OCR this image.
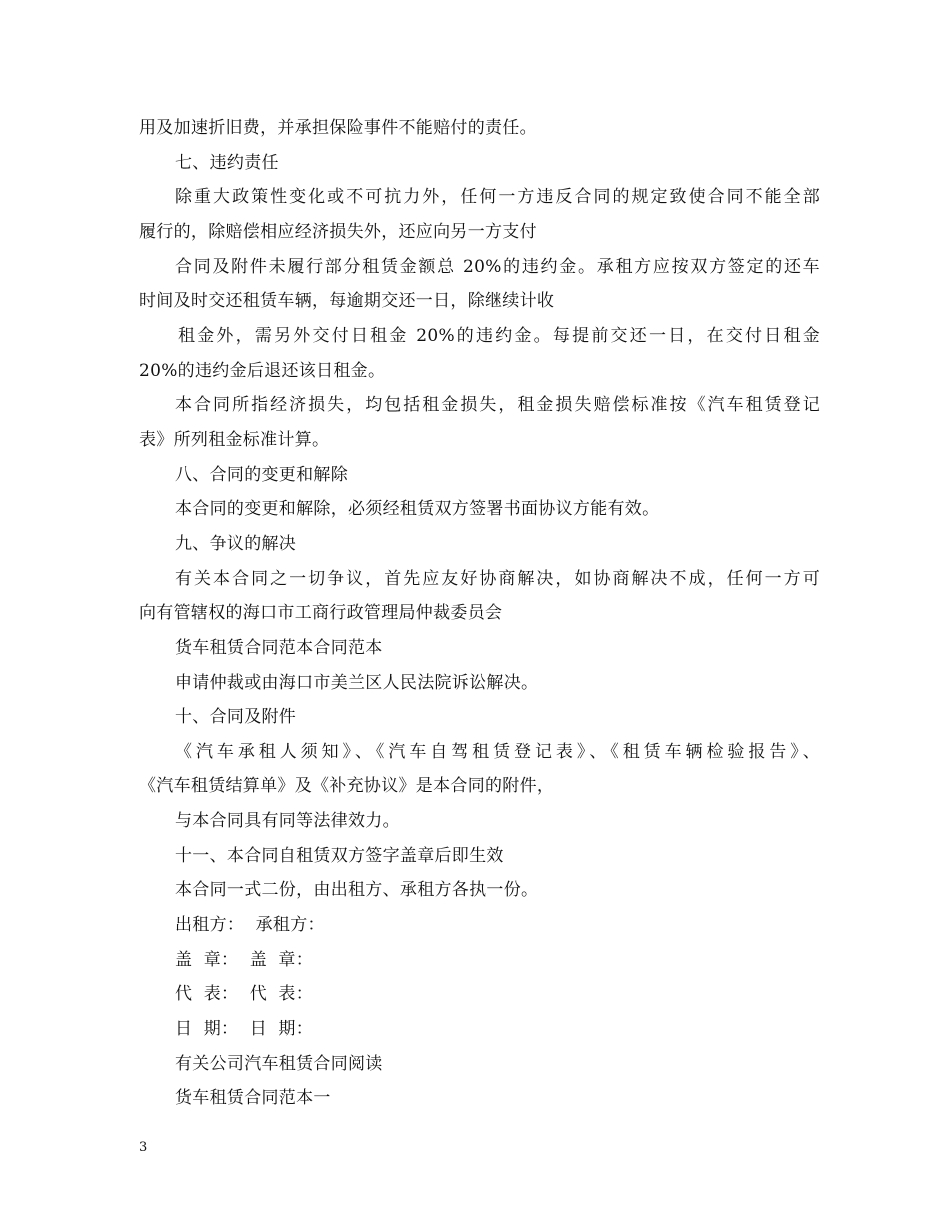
用及加速折旧费，并承担保险事件不能赔付的责任。
七、违约责任
除重大政策性变化或不可抗力外，任何一方违反合同的规定致使合同不能全部
履行的，除赔偿相应经济损失外，还应向另一方支付
合同及附件未履行部分租赁金额总 20%的违约金。承租方应按双方签定的还车
时间及时交还租赁车辆，每逾期交还一日，除继续计收
租金外，需另外交付日租金 20%的违约金。每提前交还一日，在交付日租金
20%的违约金后退还该日租金。
本合同所指经济损失，均包括租金损失，租金损失赔偿标准按《汽车租赁登记
表》所列租金标准计算。
八、合同的变更和解除
本合同的变更和解除，必须经租赁双方签署书面协议方能有效。
九、争议的解决
有关本合同之一切争议，首先应友好协商解决，如协商解决不成，任何一方可
向有管辖权的海口市工商行政管理局仲裁委员会
货车租赁合同范本合同范本
申请仲裁或由海口市美兰区人民法院诉讼解决。
十、合同及附件
《汽车承租人须知》、《汽车自驾租赁登记表》、《租赁车辆检验报告》、
《汽车租赁结算单》及《补充协议》是本合同的附件，
与本合同具有同等法律效力。
十一、本合同自租赁双方签字盖章后即生效
本合同一式二份，由出租方、承租方各执一份。
出租方：  承租方：
盖  章：  盖  章：
代  表：  代  表：
日  期：  日  期：
有关公司汽车租赁合同阅读
货车租赁合同范本一
3
